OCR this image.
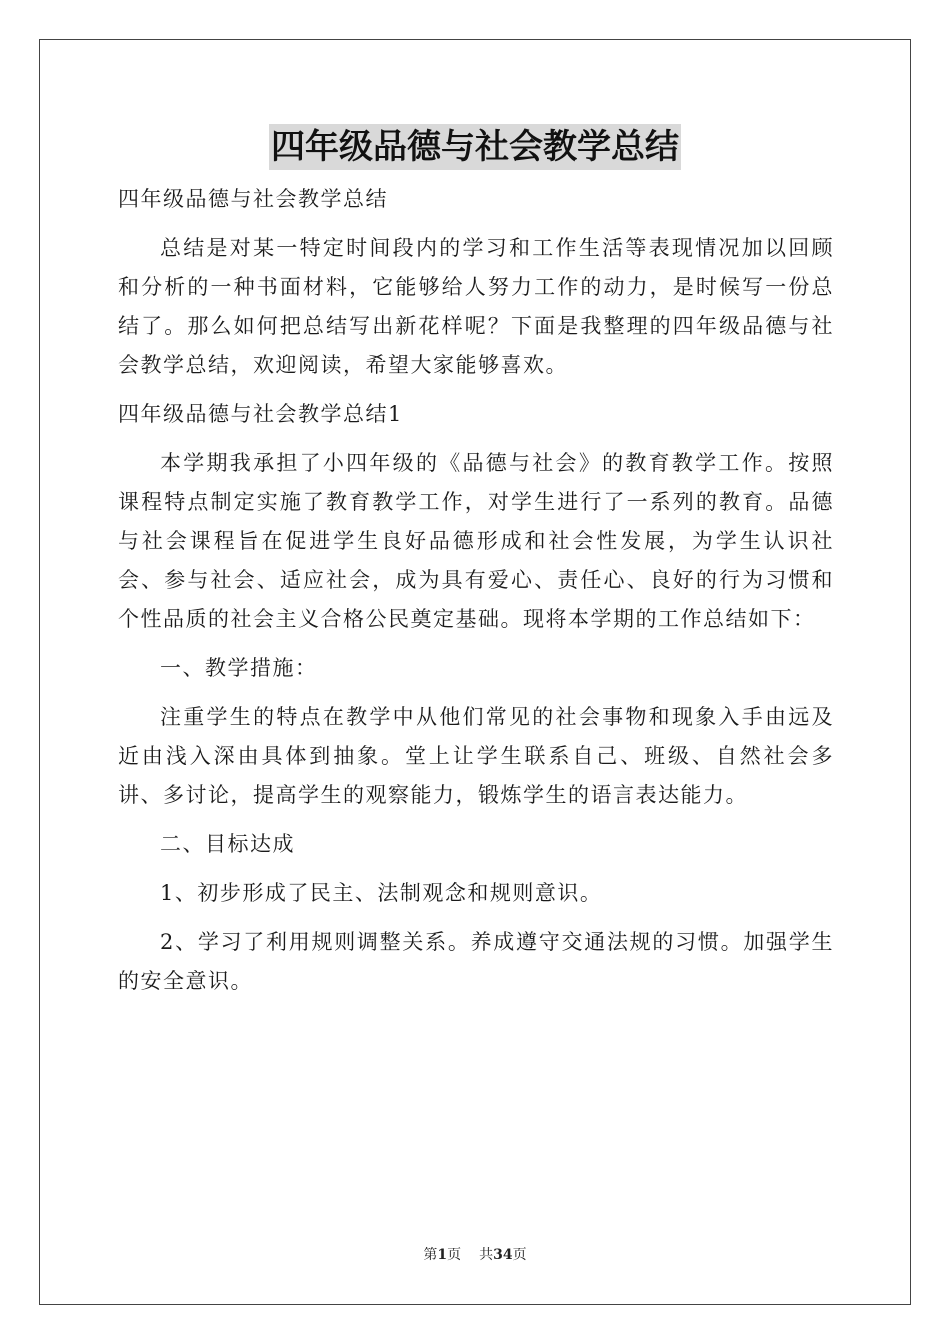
四年级品德与社会教学总结

四年级品德与社会教学总结

总结是对某一特定时间段内的学习和工作生活等表现情况加以回顾和分析的一种书面材料，它能够给人努力工作的动力，是时候写一份总结了。那么如何把总结写出新花样呢？下面是我整理的四年级品德与社会教学总结，欢迎阅读，希望大家能够喜欢。

四年级品德与社会教学总结1

本学期我承担了小四年级的《品德与社会》的教育教学工作。按照课程特点制定实施了教育教学工作，对学生进行了一系列的教育。品德与社会课程旨在促进学生良好品德形成和社会性发展，为学生认识社会、参与社会、适应社会，成为具有爱心、责任心、良好的行为习惯和个性品质的社会主义合格公民奠定基础。现将本学期的工作总结如下：

一、教学措施：

注重学生的特点在教学中从他们常见的社会事物和现象入手由远及近由浅入深由具体到抽象。堂上让学生联系自己、班级、自然社会多讲、多讨论，提高学生的观察能力，锻炼学生的语言表达能力。

二、目标达成

1、初步形成了民主、法制观念和规则意识。

2、学习了利用规则调整关系。养成遵守交通法规的习惯。加强学生的安全意识。

第1页 共34页
